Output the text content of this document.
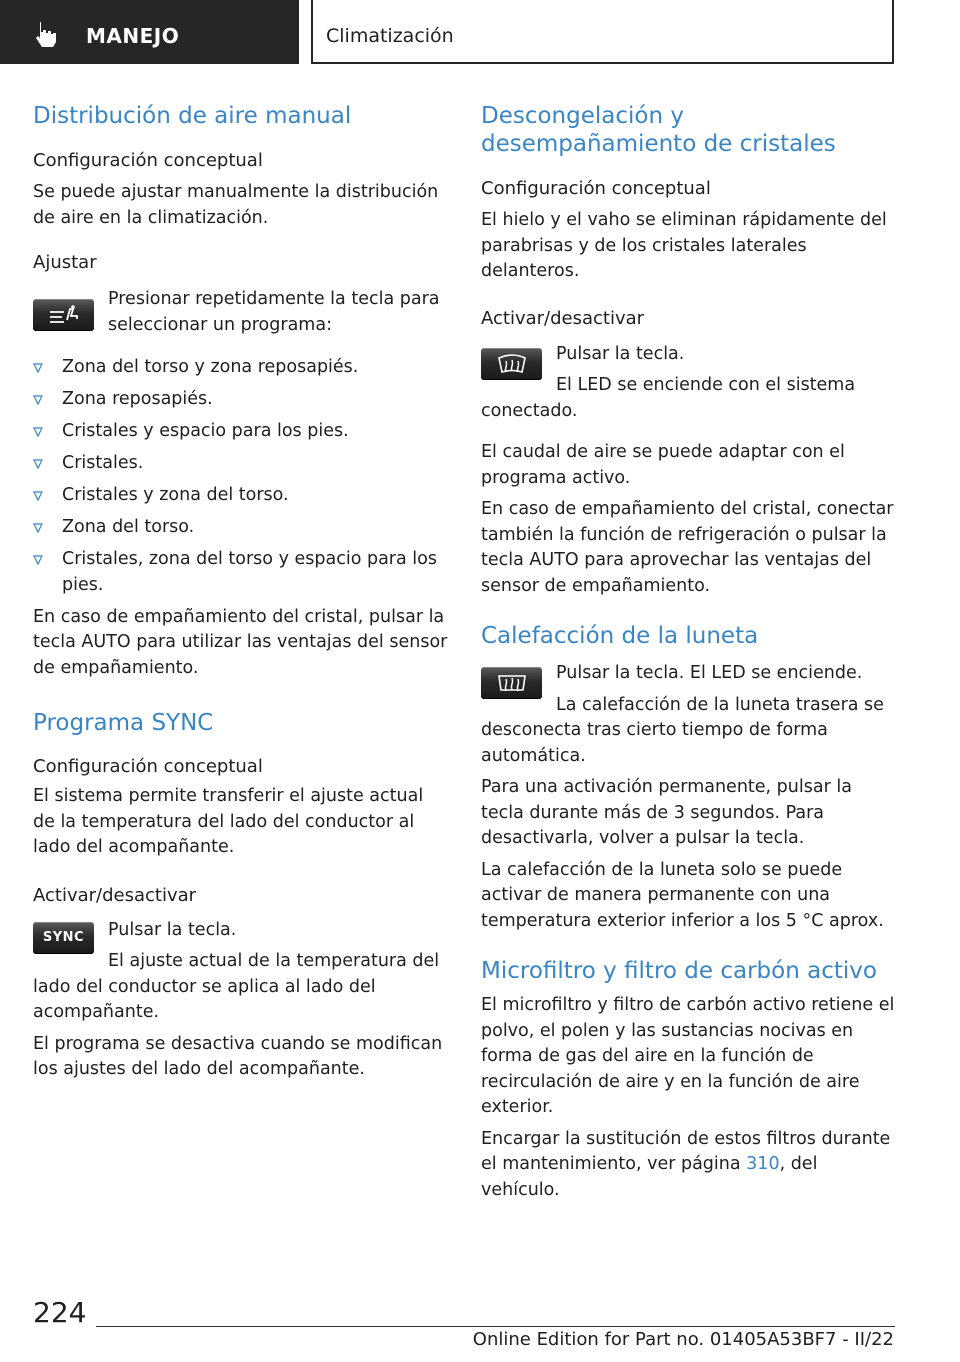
MANEJO	Climatización
Distribución de aire manual
Configuración conceptual

Se puede ajustar manualmente la distribución de aire en la climatización.

Ajustar

Presionar repetidamente la tecla para seleccionar un programa:

Zona del torso y zona reposapiés.
Zona reposapiés.
Cristales y espacio para los pies.
Cristales.
Cristales y zona del torso.
Zona del torso.
Cristales, zona del torso y espacio para los pies.

En caso de empañamiento del cristal, pulsar la tecla AUTO para utilizar las ventajas del sensor de empañamiento.

Programa SYNC
Configuración conceptual

El sistema permite transferir el ajuste actual de la temperatura del lado del conductor al lado del acompañante.

Activar/desactivar
SYNC	Pulsar la tecla.

El ajuste actual de la temperatura del lado del conductor se aplica al lado del acompañante.

El programa se desactiva cuando se modifican los ajustes del lado del acompañante.

Descongelación y desempañamiento de cristales
Configuración conceptual

El hielo y el vaho se eliminan rápidamente del parabrisas y de los cristales laterales delanteros.

Activar/desactivar

Pulsar la tecla.

El LED se enciende con el sistema conectado.

El caudal de aire se puede adaptar con el programa activo.

En caso de empañamiento del cristal, conectar también la función de refrigeración o pulsar la tecla AUTO para aprovechar las ventajas del sensor de empañamiento.

Calefacción de la luneta

Pulsar la tecla. El LED se enciende.

La calefacción de la luneta trasera se desconecta tras cierto tiempo de forma automática.

Para una activación permanente, pulsar la tecla durante más de 3 segundos. Para desactivarla, volver a pulsar la tecla.

La calefacción de la luneta solo se puede activar de manera permanente con una temperatura exterior inferior a los 5 °C aprox.

Microfiltro y filtro de carbón activo

El microfiltro y filtro de carbón activo retiene el polvo, el polen y las sustancias nocivas en forma de gas del aire en la función de recirculación de aire y en la función de aire exterior.

Encargar la sustitución de estos filtros durante el mantenimiento, ver página 310, del vehículo.

224
Online Edition for Part no. 01405A53BF7 - II/22
